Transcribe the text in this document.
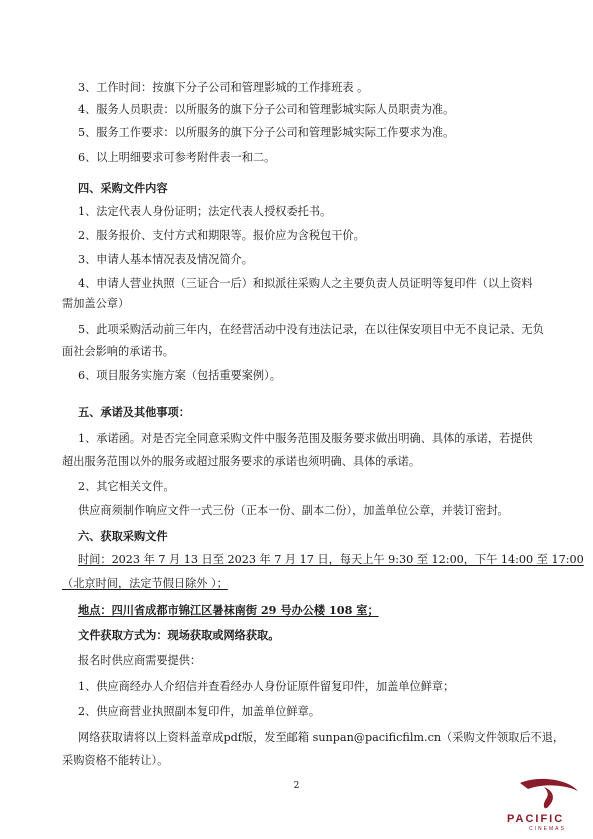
3、工作时间：按旗下分子公司和管理影城的工作排班表 。
4、服务人员职责：以所服务的旗下分子公司和管理影城实际人员职责为准。
5、服务工作要求：以所服务的旗下分子公司和管理影城实际工作要求为准。
6、以上明细要求可参考附件表一和二。
四、采购文件内容
1、法定代表人身份证明；法定代表人授权委托书。
2、服务报价、支付方式和期限等。报价应为含税包干价。
3、申请人基本情况表及情况简介。
4、申请人营业执照（三证合一后）和拟派往采购人之主要负责人员证明等复印件（以上资料
需加盖公章）
5、此项采购活动前三年内，在经营活动中没有违法记录，在以往保安项目中无不良记录、无负
面社会影响的承诺书。
6、项目服务实施方案（包括重要案例）。
五、承诺及其他事项：
1、承诺函。对是否完全同意采购文件中服务范围及服务要求做出明确、具体的承诺，若提供
超出服务范围以外的服务或超过服务要求的承诺也须明确、具体的承诺。
2、其它相关文件。
供应商须制作响应文件一式三份（正本一份、副本二份），加盖单位公章，并装订密封。
六、获取采购文件
时间：2023 年 7 月 13 日至 2023 年 7 月 17 日，每天上午 9:30 至 12:00，下午 14:00 至 17:00
（北京时间，法定节假日除外 ）；
地点：四川省成都市锦江区暑袜南街 29 号办公楼 108 室；
文件获取方式为：现场获取或网络获取。
报名时供应商需要提供：
1、供应商经办人介绍信并查看经办人身份证原件留复印件，加盖单位鲜章；
2、供应商营业执照副本复印件，加盖单位鲜章。
网络获取请将以上资料盖章成pdf版，发至邮箱 sunpan@pacificfilm.cn（采购文件领取后不退，
采购资格不能转让）。
2
PACIFIC
CINEMAS
